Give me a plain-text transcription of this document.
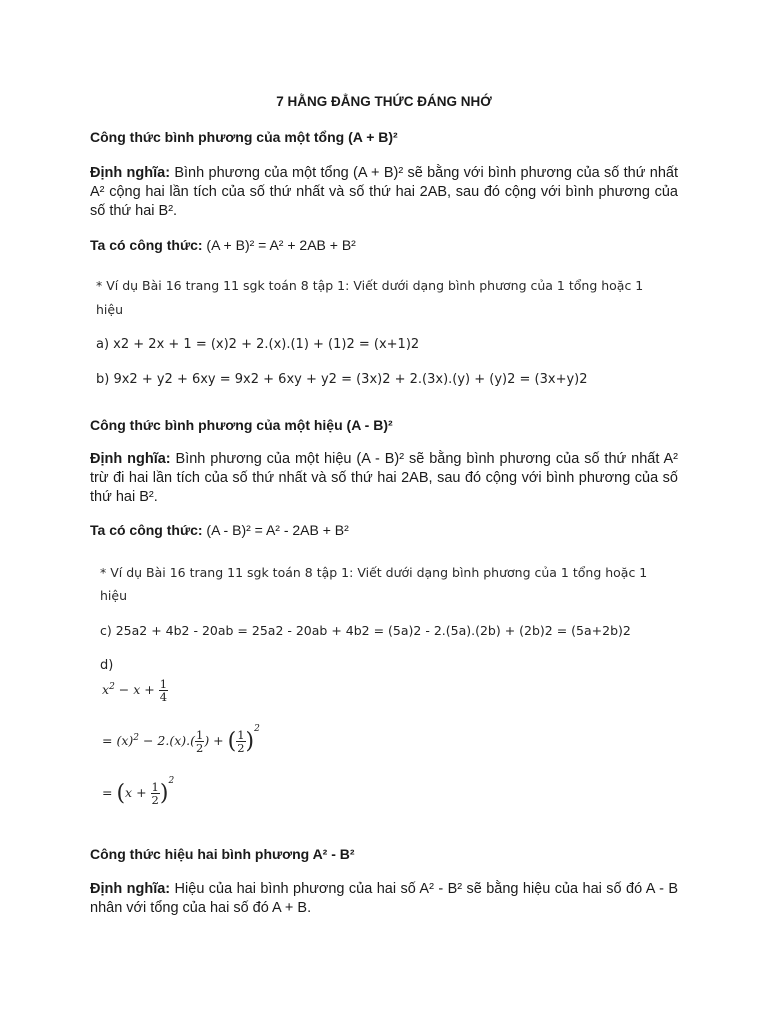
7 HẰNG ĐẲNG THỨC ĐÁNG NHỚ
Công thức bình phương của một tổng (A + B)²
Định nghĩa: Bình phương của một tổng (A + B)² sẽ bằng với bình phương của số thứ nhất A² cộng hai lần tích của số thứ nhất và số thứ hai 2AB, sau đó cộng với bình phương của số thứ hai B².
Ta có công thức: (A + B)² = A² + 2AB + B²
* Ví dụ Bài 16 trang 11 sgk toán 8 tập 1: Viết dưới dạng bình phương của 1 tổng hoặc 1
hiệu
a) x2 + 2x + 1 = (x)2 + 2.(x).(1) + (1)2 = (x+1)2
b) 9x2 + y2 + 6xy = 9x2 + 6xy + y2 = (3x)2 + 2.(3x).(y) + (y)2 = (3x+y)2
Công thức bình phương của một hiệu (A - B)²
Định nghĩa: Bình phương của một hiệu (A - B)² sẽ bằng bình phương của số thứ nhất A² trừ đi hai lần tích của số thứ nhất và số thứ hai 2AB, sau đó cộng với bình phương của số thứ hai B².
Ta có công thức: (A - B)² = A² - 2AB + B²
* Ví dụ Bài 16 trang 11 sgk toán 8 tập 1: Viết dưới dạng bình phương của 1 tổng hoặc 1
hiệu
c) 25a2 + 4b2 - 20ab = 25a2 - 20ab + 4b2 = (5a)2 - 2.(5a).(2b) + (2b)2 = (5a+2b)2
d)
$x^2 - x + \frac{1}{4}$
= $(x)^2 - 2.(x).( \frac{1}{2}$ ) + ( $\frac{1}{2} )^2$
= $(x + \frac{1}{2} )^2$
Công thức hiệu hai bình phương A² - B²
Định nghĩa: Hiệu của hai bình phương của hai số A² - B² sẽ bằng hiệu của hai số đó A - B nhân với tổng của hai số đó A + B.
